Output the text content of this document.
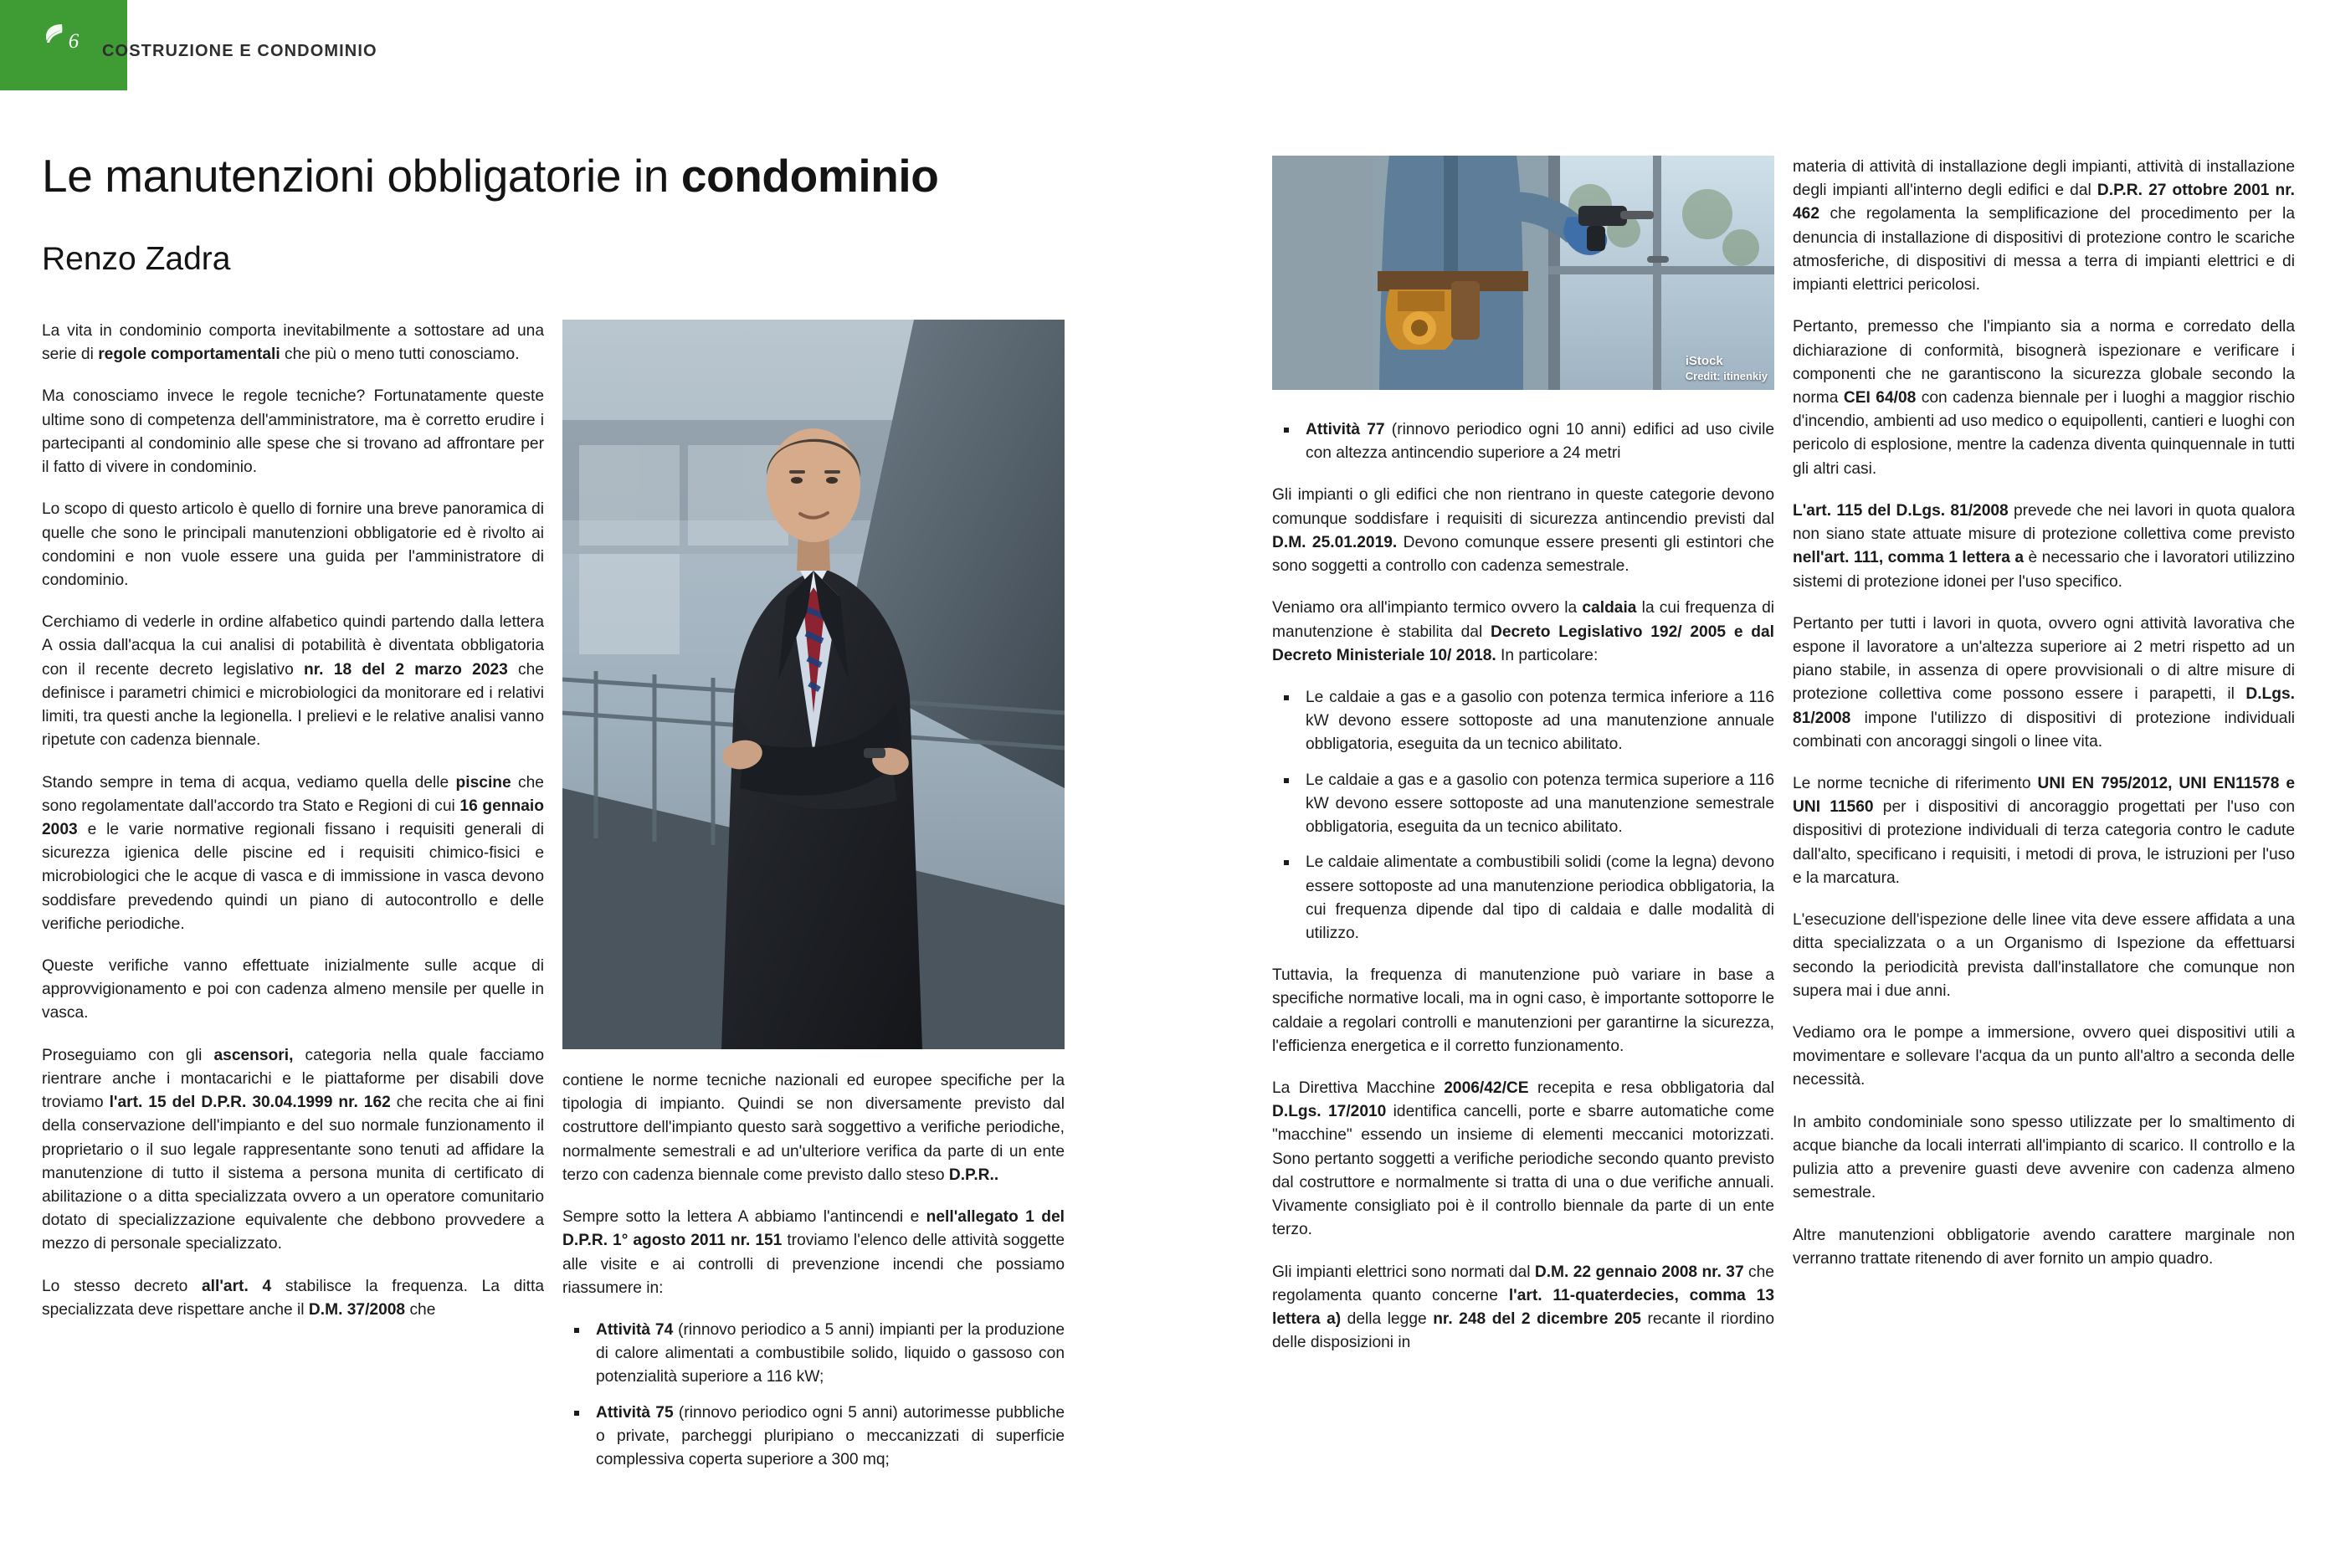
6	COSTRUZIONE E CONDOMINIO
Le manutenzioni obbligatorie in condominio
Renzo Zadra
iStock
Credit: itinenkiy

La vita in condominio comporta inevitabilmente a sottostare ad una serie di regole comportamentali che più o meno tutti conosciamo.

Ma conosciamo invece le regole tecniche? Fortunatamente queste ultime sono di competenza dell'amministratore, ma è corretto erudire i partecipanti al condominio alle spese che si trovano ad affrontare per il fatto di vivere in condominio.

Lo scopo di questo articolo è quello di fornire una breve panoramica di quelle che sono le principali manutenzioni obbligatorie ed è rivolto ai condomini e non vuole essere una guida per l'amministratore di condominio.

Cerchiamo di vederle in ordine alfabetico quindi partendo dalla lettera A ossia dall'acqua la cui analisi di potabilità è diventata obbligatoria con il recente decreto legislativo nr. 18 del 2 marzo 2023 che definisce i parametri chimici e microbiologici da monitorare ed i relativi limiti, tra questi anche la legionella. I prelievi e le relative analisi vanno ripetute con cadenza biennale.

Stando sempre in tema di acqua, vediamo quella delle piscine che sono regolamentate dall'accordo tra Stato e Regioni di cui 16 gennaio 2003 e le varie normative regionali fissano i requisiti generali di sicurezza igienica delle piscine ed i requisiti chimico-fisici e microbiologici che le acque di vasca e di immissione in vasca devono soddisfare prevedendo quindi un piano di autocontrollo e delle verifiche periodiche.

Queste verifiche vanno effettuate inizialmente sulle acque di approvvigionamento e poi con cadenza almeno mensile per quelle in vasca.

Proseguiamo con gli ascensori, categoria nella quale facciamo rientrare anche i montacarichi e le piattaforme per disabili dove troviamo l'art. 15 del D.P.R. 30.04.1999 nr. 162 che recita che ai fini della conservazione dell'impianto e del suo normale funzionamento il proprietario o il suo legale rappresentante sono tenuti ad affidare la manutenzione di tutto il sistema a persona munita di certificato di abilitazione o a ditta specializzata ovvero a un operatore comunitario dotato di specializzazione equivalente che debbono provvedere a mezzo di personale specializzato.

Lo stesso decreto all'art. 4 stabilisce la frequenza. La ditta specializzata deve rispettare anche il D.M. 37/2008 che

contiene le norme tecniche nazionali ed europee specifiche per la tipologia di impianto. Quindi se non diversamente previsto dal costruttore dell'impianto questo sarà soggettivo a verifiche periodiche, normalmente semestrali e ad un'ulteriore verifica da parte di un ente terzo con cadenza biennale come previsto dallo steso D.P.R..

Sempre sotto la lettera A abbiamo l'antincendi e nell'allegato 1 del D.P.R. 1° agosto 2011 nr. 151 troviamo l'elenco delle attività soggette alle visite e ai controlli di prevenzione incendi che possiamo riassumere in:

Attività 74 (rinnovo periodico a 5 anni) impianti per la produzione di calore alimentati a combustibile solido, liquido o gassoso con potenzialità superiore a 116 kW;
Attività 75 (rinnovo periodico ogni 5 anni) autorimesse pubbliche o private, parcheggi pluripiano o meccanizzati di superficie complessiva coperta superiore a 300 mq;
Attività 77 (rinnovo periodico ogni 10 anni) edifici ad uso civile con altezza antincendio superiore a 24 metri

Gli impianti o gli edifici che non rientrano in queste categorie devono comunque soddisfare i requisiti di sicurezza antincendio previsti dal D.M. 25.01.2019. Devono comunque essere presenti gli estintori che sono soggetti a controllo con cadenza semestrale.

Veniamo ora all'impianto termico ovvero la caldaia la cui frequenza di manutenzione è stabilita dal Decreto Legislativo 192/ 2005 e dal Decreto Ministeriale 10/ 2018. In particolare:

Le caldaie a gas e a gasolio con potenza termica inferiore a 116 kW devono essere sottoposte ad una manutenzione annuale obbligatoria, eseguita da un tecnico abilitato.
Le caldaie a gas e a gasolio con potenza termica superiore a 116 kW devono essere sottoposte ad una manutenzione semestrale obbligatoria, eseguita da un tecnico abilitato.
Le caldaie alimentate a combustibili solidi (come la legna) devono essere sottoposte ad una manutenzione periodica obbligatoria, la cui frequenza dipende dal tipo di caldaia e dalle modalità di utilizzo.

Tuttavia, la frequenza di manutenzione può variare in base a specifiche normative locali, ma in ogni caso, è importante sottoporre le caldaie a regolari controlli e manutenzioni per garantirne la sicurezza, l'efficienza energetica e il corretto funzionamento.

La Direttiva Macchine 2006/42/CE recepita e resa obbligatoria dal D.Lgs. 17/2010 identifica cancelli, porte e sbarre automatiche come "macchine" essendo un insieme di elementi meccanici motorizzati. Sono pertanto soggetti a verifiche periodiche secondo quanto previsto dal costruttore e normalmente si tratta di una o due verifiche annuali. Vivamente consigliato poi è il controllo biennale da parte di un ente terzo.

Gli impianti elettrici sono normati dal D.M. 22 gennaio 2008 nr. 37 che regolamenta quanto concerne l'art. 11-quaterdecies, comma 13 lettera a) della legge nr. 248 del 2 dicembre 205 recante il riordino delle disposizioni in

materia di attività di installazione degli impianti, attività di installazione degli impianti all'interno degli edifici e dal D.P.R. 27 ottobre 2001 nr. 462 che regolamenta la semplificazione del procedimento per la denuncia di installazione di dispositivi di protezione contro le scariche atmosferiche, di dispositivi di messa a terra di impianti elettrici e di impianti elettrici pericolosi.

Pertanto, premesso che l'impianto sia a norma e corredato della dichiarazione di conformità, bisognerà ispezionare e verificare i componenti che ne garantiscono la sicurezza globale secondo la norma CEI 64/08 con cadenza biennale per i luoghi a maggior rischio d'incendio, ambienti ad uso medico o equipollenti, cantieri e luoghi con pericolo di esplosione, mentre la cadenza diventa quinquennale in tutti gli altri casi.

L'art. 115 del D.Lgs. 81/2008 prevede che nei lavori in quota qualora non siano state attuate misure di protezione collettiva come previsto nell'art. 111, comma 1 lettera a è necessario che i lavoratori utilizzino sistemi di protezione idonei per l'uso specifico.

Pertanto per tutti i lavori in quota, ovvero ogni attività lavorativa che espone il lavoratore a un'altezza superiore ai 2 metri rispetto ad un piano stabile, in assenza di opere provvisionali o di altre misure di protezione collettiva come possono essere i parapetti, il D.Lgs. 81/2008 impone l'utilizzo di dispositivi di protezione individuali combinati con ancoraggi singoli o linee vita.

Le norme tecniche di riferimento UNI EN 795/2012, UNI EN11578 e UNI 11560 per i dispositivi di ancoraggio progettati per l'uso con dispositivi di protezione individuali di terza categoria contro le cadute dall'alto, specificano i requisiti, i metodi di prova, le istruzioni per l'uso e la marcatura.

L'esecuzione dell'ispezione delle linee vita deve essere affidata a una ditta specializzata o a un Organismo di Ispezione da effettuarsi secondo la periodicità prevista dall'installatore che comunque non supera mai i due anni.

Vediamo ora le pompe a immersione, ovvero quei dispositivi utili a movimentare e sollevare l'acqua da un punto all'altro a seconda delle necessità.

In ambito condominiale sono spesso utilizzate per lo smaltimento di acque bianche da locali interrati all'impianto di scarico. Il controllo e la pulizia atto a prevenire guasti deve avvenire con cadenza almeno semestrale.

Altre manutenzioni obbligatorie avendo carattere marginale non verranno trattate ritenendo di aver fornito un ampio quadro.
